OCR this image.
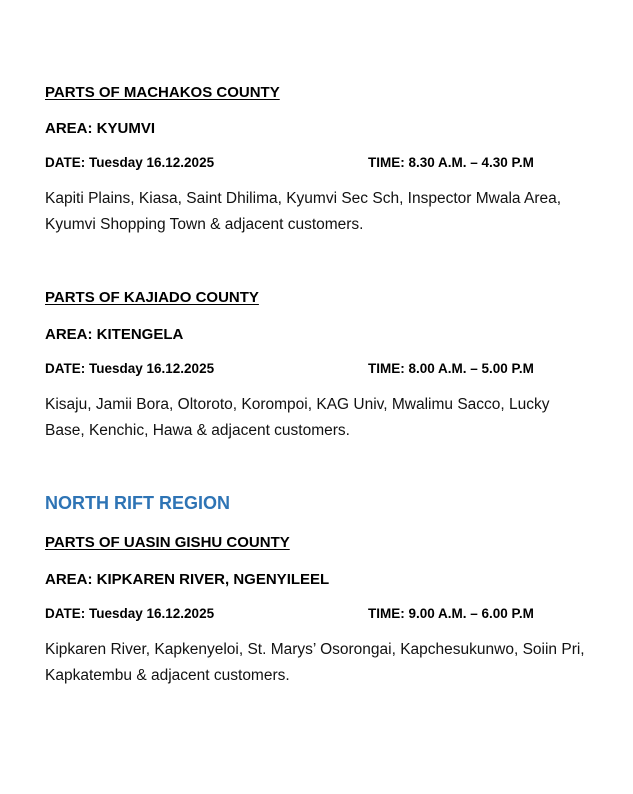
PARTS OF MACHAKOS COUNTY
AREA: KYUMVI
DATE: Tuesday 16.12.2025	TIME: 8.30 A.M. – 4.30 P.M
Kapiti Plains, Kiasa, Saint Dhilima, Kyumvi Sec Sch, Inspector Mwala Area, Kyumvi Shopping Town & adjacent customers.
PARTS OF KAJIADO COUNTY
AREA: KITENGELA
DATE: Tuesday 16.12.2025	TIME: 8.00 A.M. – 5.00 P.M
Kisaju, Jamii Bora, Oltoroto, Korompoi, KAG Univ, Mwalimu Sacco, Lucky Base, Kenchic, Hawa & adjacent customers.
NORTH RIFT REGION
PARTS OF UASIN GISHU COUNTY
AREA: KIPKAREN RIVER, NGENYILEEL
DATE: Tuesday 16.12.2025	TIME: 9.00 A.M. – 6.00 P.M
Kipkaren River, Kapkenyeloi, St. Marys’ Osorongai, Kapchesukunwo, Soiin Pri, Kapkatembu & adjacent customers.
